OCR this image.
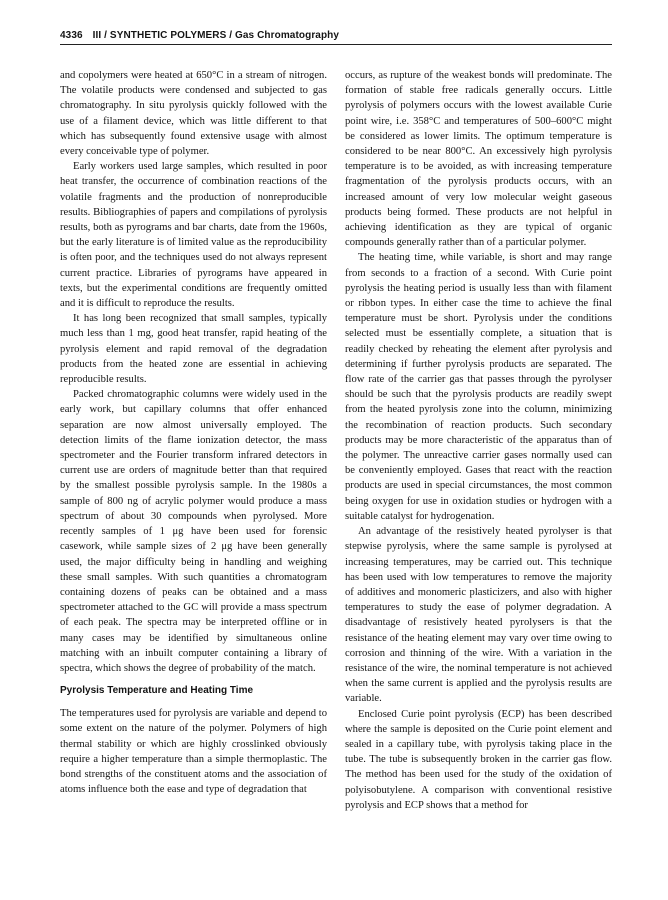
4336 III / SYNTHETIC POLYMERS / Gas Chromatography

and copolymers were heated at 650°C in a stream of nitrogen. The volatile products were condensed and subjected to gas chromatography. In situ pyrolysis quickly followed with the use of a filament device, which was little different to that which has subsequently found extensive usage with almost every conceivable type of polymer.

Early workers used large samples, which resulted in poor heat transfer, the occurrence of combination reactions of the volatile fragments and the production of nonreproducible results. Bibliographies of papers and compilations of pyrolysis results, both as pyrograms and bar charts, date from the 1960s, but the early literature is of limited value as the reproducibility is often poor, and the techniques used do not always represent current practice. Libraries of pyrograms have appeared in texts, but the experimental conditions are frequently omitted and it is difficult to reproduce the results.

It has long been recognized that small samples, typically much less than 1 mg, good heat transfer, rapid heating of the pyrolysis element and rapid removal of the degradation products from the heated zone are essential in achieving reproducible results.

Packed chromatographic columns were widely used in the early work, but capillary columns that offer enhanced separation are now almost universally employed. The detection limits of the flame ionization detector, the mass spectrometer and the Fourier transform infrared detectors in current use are orders of magnitude better than that required by the smallest possible pyrolysis sample. In the 1980s a sample of 800 ng of acrylic polymer would produce a mass spectrum of about 30 compounds when pyrolysed. More recently samples of 1 μg have been used for forensic casework, while sample sizes of 2 μg have been generally used, the major difficulty being in handling and weighing these small samples. With such quantities a chromatogram containing dozens of peaks can be obtained and a mass spectrometer attached to the GC will provide a mass spectrum of each peak. The spectra may be interpreted offline or in many cases may be identified by simultaneous online matching with an inbuilt computer containing a library of spectra, which shows the degree of probability of the match.

Pyrolysis Temperature and Heating Time

The temperatures used for pyrolysis are variable and depend to some extent on the nature of the polymer. Polymers of high thermal stability or which are highly crosslinked obviously require a higher temperature than a simple thermoplastic. The bond strengths of the constituent atoms and the association of atoms influence both the ease and type of degradation that

occurs, as rupture of the weakest bonds will predominate. The formation of stable free radicals generally occurs. Little pyrolysis of polymers occurs with the lowest available Curie point wire, i.e. 358°C and temperatures of 500–600°C might be considered as lower limits. The optimum temperature is considered to be near 800°C. An excessively high pyrolysis temperature is to be avoided, as with increasing temperature fragmentation of the pyrolysis products occurs, with an increased amount of very low molecular weight gaseous products being formed. These products are not helpful in achieving identification as they are typical of organic compounds generally rather than of a particular polymer.

The heating time, while variable, is short and may range from seconds to a fraction of a second. With Curie point pyrolysis the heating period is usually less than with filament or ribbon types. In either case the time to achieve the final temperature must be short. Pyrolysis under the conditions selected must be essentially complete, a situation that is readily checked by reheating the element after pyrolysis and determining if further pyrolysis products are separated. The flow rate of the carrier gas that passes through the pyrolyser should be such that the pyrolysis products are readily swept from the heated pyrolysis zone into the column, minimizing the recombination of reaction products. Such secondary products may be more characteristic of the apparatus than of the polymer. The unreactive carrier gases normally used can be conveniently employed. Gases that react with the reaction products are used in special circumstances, the most common being oxygen for use in oxidation studies or hydrogen with a suitable catalyst for hydrogenation.

An advantage of the resistively heated pyrolyser is that stepwise pyrolysis, where the same sample is pyrolysed at increasing temperatures, may be carried out. This technique has been used with low temperatures to remove the majority of additives and monomeric plasticizers, and also with higher temperatures to study the ease of polymer degradation. A disadvantage of resistively heated pyrolysers is that the resistance of the heating element may vary over time owing to corrosion and thinning of the wire. With a variation in the resistance of the wire, the nominal temperature is not achieved when the same current is applied and the pyrolysis results are variable.

Enclosed Curie point pyrolysis (ECP) has been described where the sample is deposited on the Curie point element and sealed in a capillary tube, with pyrolysis taking place in the tube. The tube is subsequently broken in the carrier gas flow. The method has been used for the study of the oxidation of polyisobutylene. A comparison with conventional resistive pyrolysis and ECP shows that a method for
